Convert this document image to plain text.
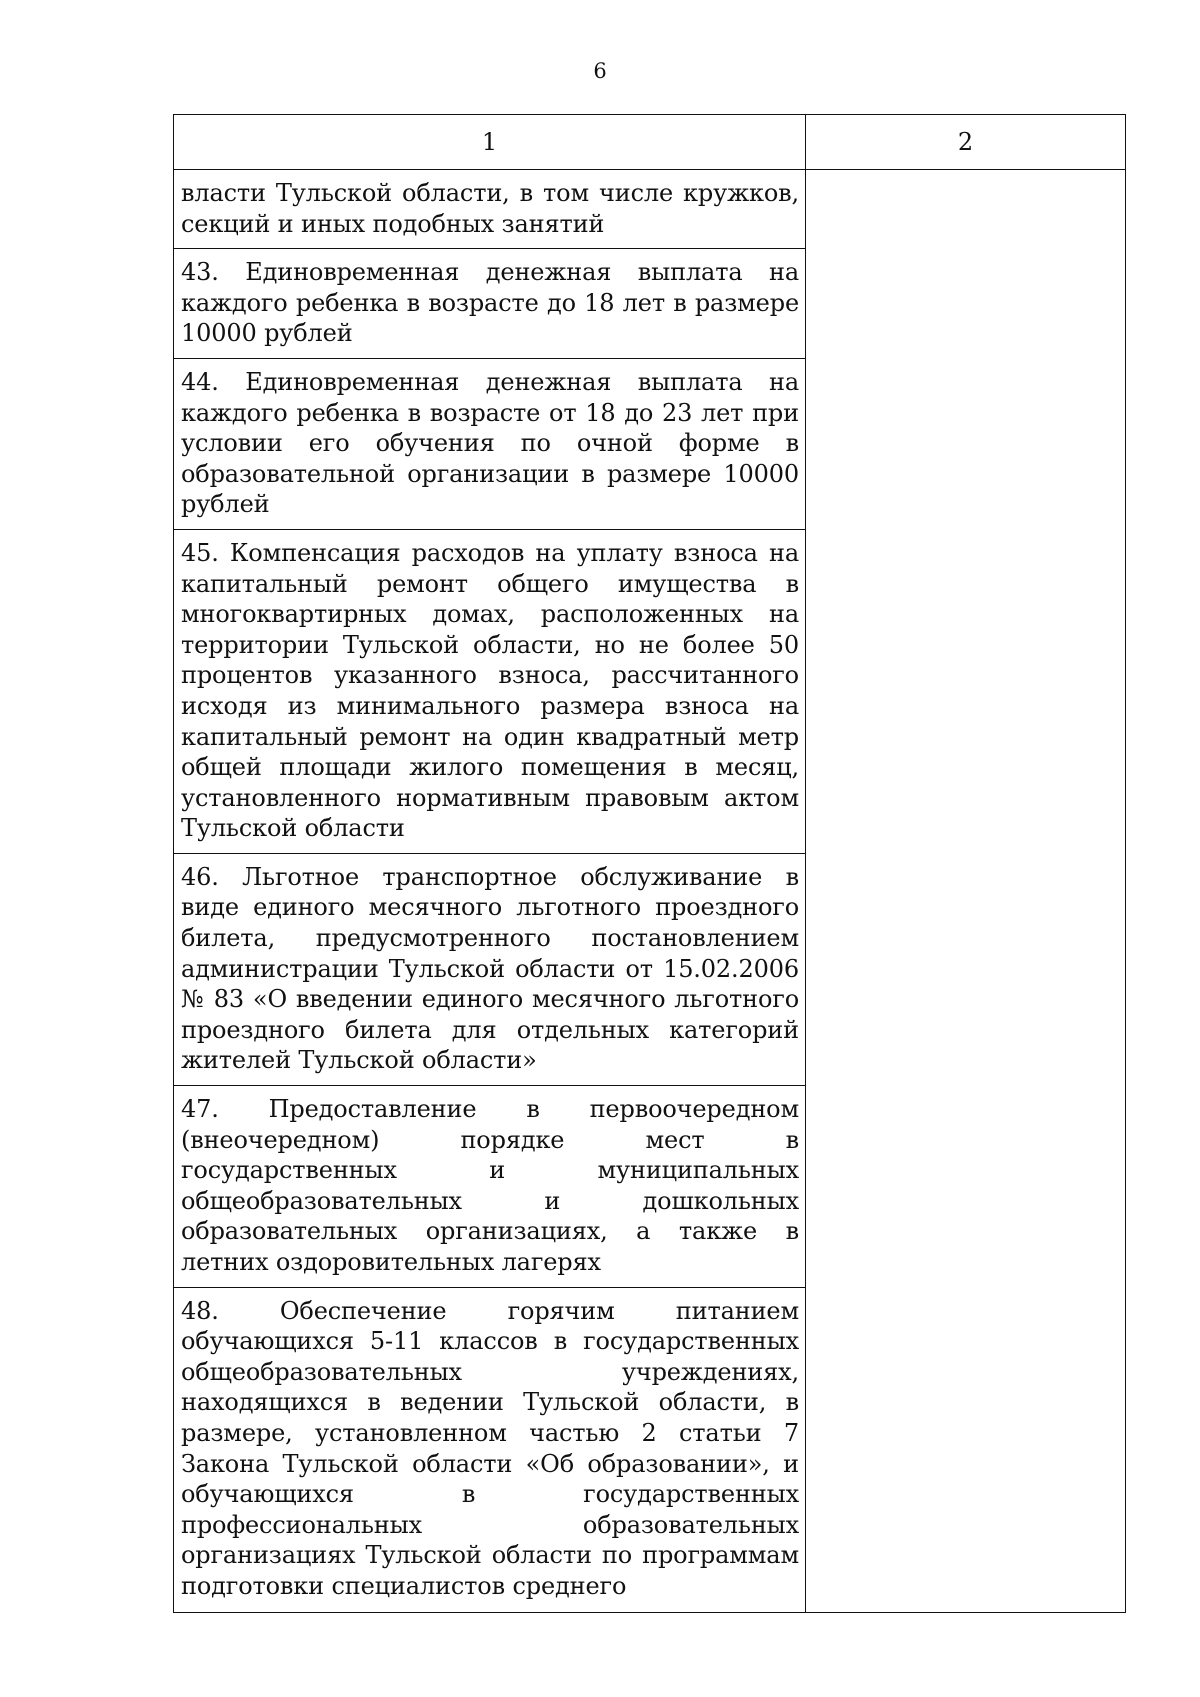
6
1	2
власти Тульской области, в том числе кружков, секций и иных подобных занятий	
43. Единовременная денежная выплата на каждого ребенка в возрасте до 18 лет в размере 10000 рублей	
44. Единовременная денежная выплата на каждого ребенка в возрасте от 18 до 23 лет при условии его обучения по очной форме в образовательной организации в размере 10000 рублей	
45. Компенсация расходов на уплату взноса на капитальный ремонт общего имущества в многоквартирных домах, расположенных на территории Тульской области, но не более 50 процентов указанного взноса, рассчитанного исходя из минимального размера взноса на капитальный ремонт на один квадратный метр общей площади жилого помещения в месяц, установленного нормативным правовым актом Тульской области	
46. Льготное транспортное обслуживание в виде единого месячного льготного проездного билета, предусмотренного постановлением администрации Тульской области от 15.02.2006 № 83 «О введении единого месячного льготного проездного билета для отдельных категорий жителей Тульской области»	
47. Предоставление в первоочередном (внеочередном) порядке мест в государственных и муниципальных общеобразовательных и дошкольных образовательных организациях, а также в летних оздоровительных лагерях	
48. Обеспечение горячим питанием обучающихся 5-11 классов в государственных общеобразовательных учреждениях, находящихся в ведении Тульской области, в размере, установленном частью 2 статьи 7 Закона Тульской области «Об образовании», и обучающихся в государственных профессиональных образовательных организациях Тульской области по программам подготовки специалистов среднего	
